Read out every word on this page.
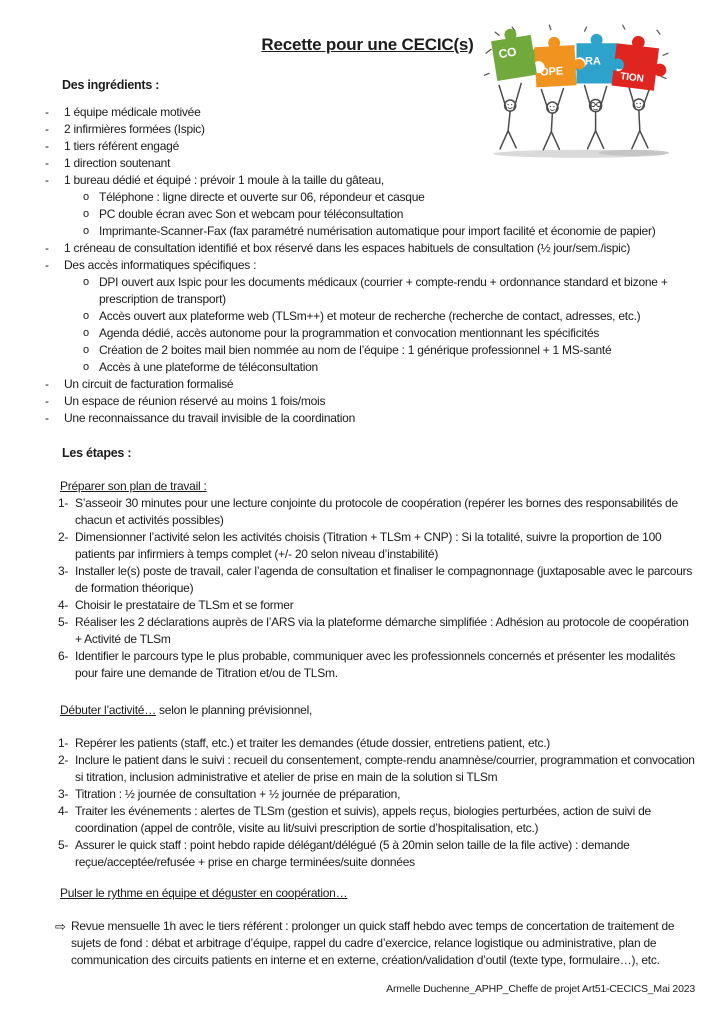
Recette pour une CECIC(s) CO
OPE
RA
TION
Des ingrédients :
-	1 équipe médicale motivée
-	2 infirmières formées (Ispic)
-	1 tiers référent engagé
-	1 direction soutenant
-	1 bureau dédié et équipé : prévoir 1 moule à la taille du gâteau,
o Téléphone : ligne directe et ouverte sur 06, répondeur et casque
o PC double écran avec Son et webcam pour téléconsultation
o Imprimante-Scanner-Fax (fax paramétré numérisation automatique pour import facilité et économie de papier)
-	1 créneau de consultation identifié et box réservé dans les espaces habituels de consultation (½ jour/sem./ispic)
-	Des accès informatiques spécifiques :
o DPI ouvert aux Ispic pour les documents médicaux (courrier + compte-rendu + ordonnance standard et bizone + prescription de transport)
o Accès ouvert aux plateforme web (TLSm++) et moteur de recherche (recherche de contact, adresses, etc.)
o Agenda dédié, accès autonome pour la programmation et convocation mentionnant les spécificités
o Création de 2 boites mail bien nommée au nom de l’équipe : 1 générique professionnel + 1 MS-santé
o Accès à une plateforme de téléconsultation
-	Un circuit de facturation formalisé
-	Un espace de réunion réservé au moins 1 fois/mois
-	Une reconnaissance du travail invisible de la coordination
Les étapes :
Préparer son plan de travail :
1- S’asseoir 30 minutes pour une lecture conjointe du protocole de coopération (repérer les bornes des responsabilités de chacun et activités possibles)
2- Dimensionner l’activité selon les activités choisis (Titration + TLSm + CNP) : Si la totalité, suivre la proportion de 100 patients par infirmiers à temps complet (+/- 20 selon niveau d’instabilité)
3- Installer le(s) poste de travail, caler l’agenda de consultation et finaliser le compagnonnage (juxtaposable avec le parcours de formation théorique)
4- Choisir le prestataire de TLSm et se former
5- Réaliser les 2 déclarations auprès de l’ARS via la plateforme démarche simplifiée : Adhésion au protocole de coopération + Activité de TLSm
6- Identifier le parcours type le plus probable, communiquer avec les professionnels concernés et présenter les modalités pour faire une demande de Titration et/ou de TLSm.
Débuter l’activité… selon le planning prévisionnel,
1- Repérer les patients (staff, etc.) et traiter les demandes (étude dossier, entretiens patient, etc.)
2- Inclure le patient dans le suivi : recueil du consentement, compte-rendu anamnèse/courrier, programmation et convocation si titration, inclusion administrative et atelier de prise en main de la solution si TLSm
3- Titration : ½ journée de consultation + ½ journée de préparation,
4- Traiter les événements : alertes de TLSm (gestion et suivis), appels reçus, biologies perturbées, action de suivi de coordination (appel de contrôle, visite au lit/suivi prescription de sortie d’hospitalisation, etc.)
5- Assurer le quick staff : point hebdo rapide délégant/délégué (5 à 20min selon taille de la file active) : demande reçue/acceptée/refusée + prise en charge terminées/suite données
Pulser le rythme en équipe et déguster en coopération…
⇨ Revue mensuelle 1h avec le tiers référent : prolonger un quick staff hebdo avec temps de concertation de traitement de sujets de fond : débat et arbitrage d’équipe, rappel du cadre d’exercice, relance logistique ou administrative, plan de communication des circuits patients en interne et en externe, création/validation d’outil (texte type, formulaire…), etc.
Armelle Duchenne_APHP_Cheffe de projet Art51-CECICS_Mai 2023
